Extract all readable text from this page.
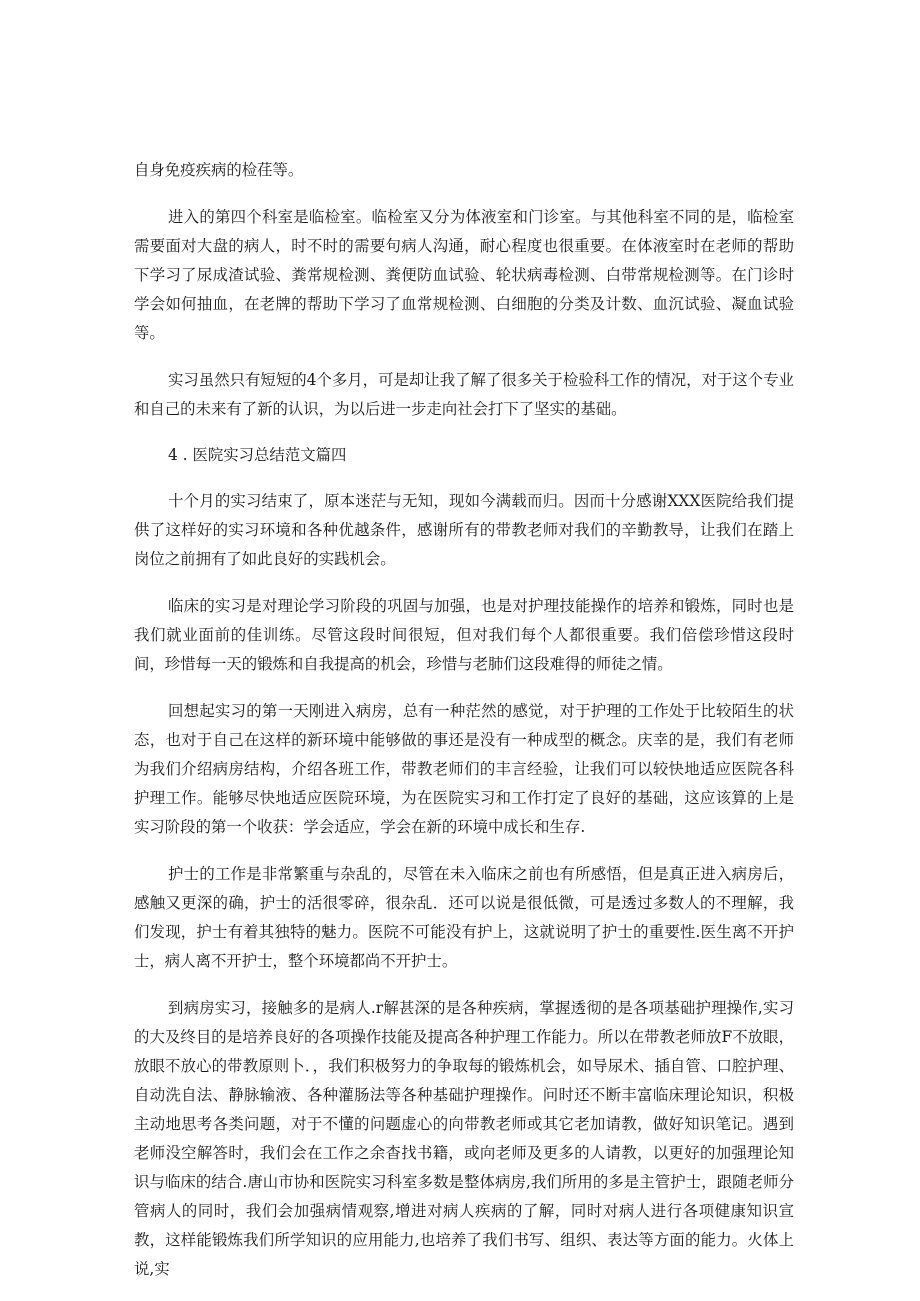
自身免疫疾病的检荏等。

进入的第四个科室是临检室。临检室又分为体液室和门诊室。与其他科室不同的是，临检室需要面对大盘的病人，时不时的需要句病人沟通，耐心程度也很重要。在体液室时在老师的帮助下学习了尿成渣试验、粪常规检测、粪便防血试验、轮状病毒检测、白带常规检测等。在门诊时学会如何抽血，在老牌的帮助下学习了血常规检测、白细胞的分类及计数、血沉试验、凝血试验等。

实习虽然只有短短的4个多月，可是却让我了解了很多关于检验科工作的情况，对于这个专业和自己的未来有了新的认识，为以后进一步走向社会打下了坚实的基础。

4 . 医院实习总结范文篇四

十个月的实习结束了，原本迷茫与无知，现如今满载而归。因而十分感谢XXX医院给我们提供了这样好的实习环境和各种优越条件，感谢所有的带教老师对我们的辛勤教导，让我们在踏上岗位之前拥有了如此良好的实践机会。

临床的实习是对理论学习阶段的巩固与加强，也是对护理技能操作的培养和锻炼，同时也是我们就业面前的佳训练。尽管这段时间很短，但对我们每个人都很重要。我们倍偿珍惜这段时间，珍惜每一天的锻炼和自我提高的机会，珍惜与老肺们这段难得的师徒之情。

回想起实习的第一天刚进入病房，总有一种茫然的感觉，对于护理的工作处于比较陌生的状态，也对于自己在这样的新环境中能够做的事还是没有一种成型的概念。庆幸的是，我们有老师为我们介绍病房结构，介绍各班工作，带教老师们的丰言经验，让我们可以较快地适应医院各科护理工作。能够尽快地适应医院环境，为在医院实习和工作打定了良好的基础，这应该算的上是实习阶段的第一个收获：学会适应，学会在新的环境中成长和生存.

护士的工作是非常繁重与杂乱的，尽管在未入临床之前也有所感悟，但是真正进入病房后，感触又更深的确，护士的活很零碎，很杂乱．还可以说是很低微，可是透过多数人的不理解，我们发现，护士有着其独特的魅力。医院不可能没有护上，这就说明了护士的重要性.医生离不开护士，病人离不开护士，整个环境都尚不开护士。

到病房实习，接触多的是病人.r解甚深的是各种疾病，掌握透彻的是各项基础护理操作,实习的大及终目的是培养良好的各项操作技能及提高各种护理工作能力。所以在带教老师放F不放眼，放眼不放心的带教原则卜．，我们积极努力的争取每的锻炼机会，如导尿术、插自管、口腔护理、自动洗自法、静脉输液、各种灌肠法等各种基础护理操作。问时还不断丰富临床理论知识，积极主动地思考各类问题，对于不懂的问题虚心的向带教老师或其它老加请教，做好知识笔记。遇到老师没空解答时，我们会在工作之余杳找书籍，或向老师及更多的人请教，以更好的加强理论知识与临床的结合.唐山市协和医院实习科室多数是整体病房,我们所用的多是主管护士，跟随老师分管病人的同时，我们会加强病情观察,增进对病人疾病的了解，同时对病人进行各项健康知识宣教，这样能锻炼我们所学知识的应用能力,也培养了我们书写、组织、表达等方面的能力。火体上说,实
